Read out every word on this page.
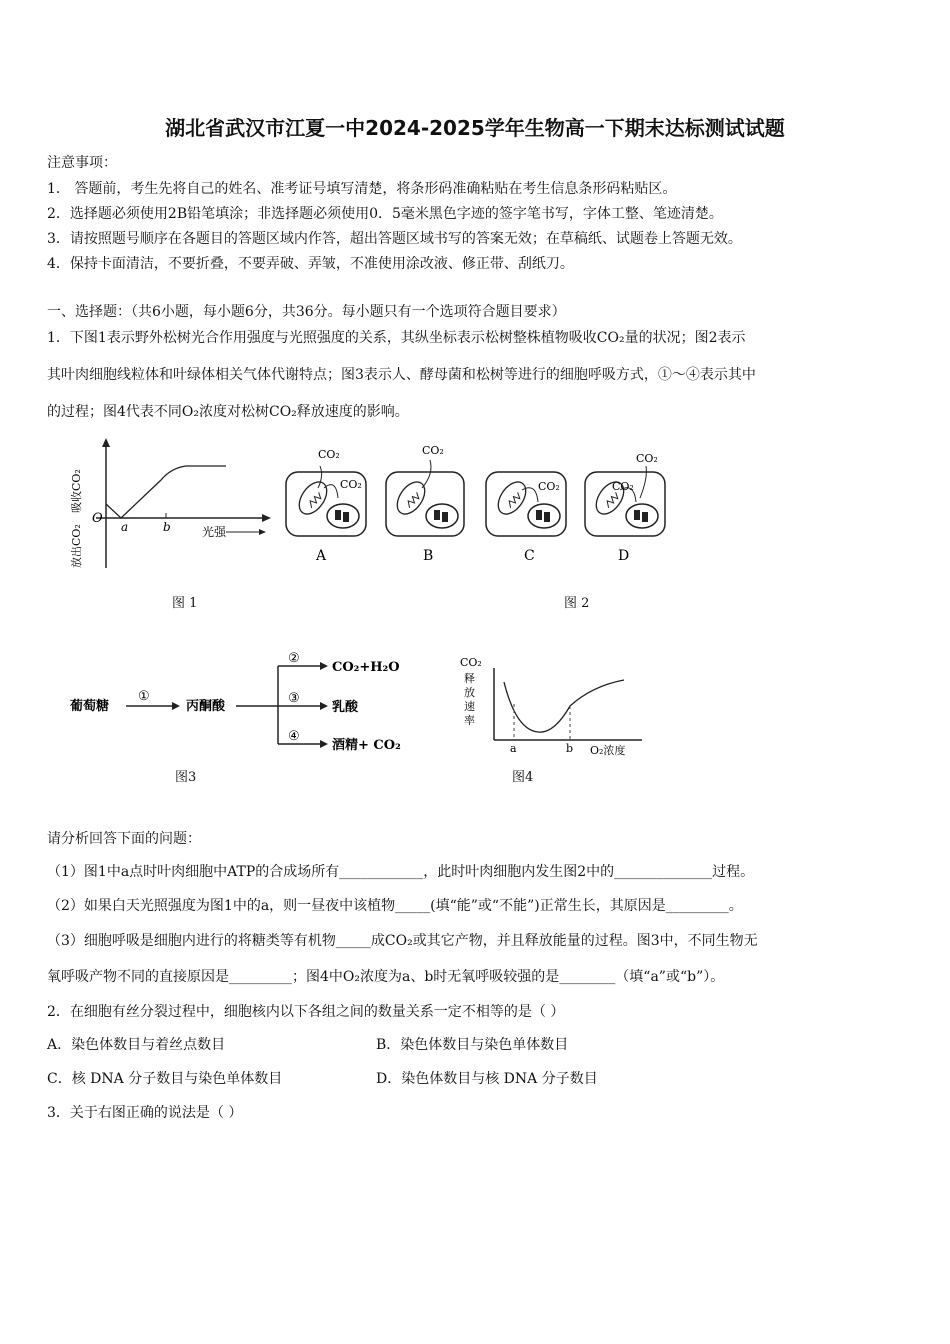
湖北省武汉市江夏一中2024-2025学年生物高一下期末达标测试试题
注意事项：
1． 答题前，考生先将自己的姓名、准考证号填写清楚，将条形码准确粘贴在考生信息条形码粘贴区。
2．选择题必须使用2B铅笔填涂；非选择题必须使用0．5毫米黑色字迹的签字笔书写，字体工整、笔迹清楚。
3．请按照题号顺序在各题目的答题区域内作答，超出答题区域书写的答案无效；在草稿纸、试题卷上答题无效。
4．保持卡面清洁，不要折叠，不要弄破、弄皱，不准使用涂改液、修正带、刮纸刀。
一、选择题：（共6小题，每小题6分，共36分。每小题只有一个选项符合题目要求）
1．下图1表示野外松树光合作用强度与光照强度的关系，其纵坐标表示松树整株植物吸收CO₂量的状况；图2表示
其叶肉细胞线粒体和叶绿体相关气体代谢特点；图3表示人、酵母菌和松树等进行的细胞呼吸方式，①～④表示其中
的过程；图4代表不同O₂浓度对松树CO₂释放速度的影响。
O
a	b	光强
吸收CO₂
放出CO₂
图 1
CO₂
CO₂
A
CO₂
B
CO₂
C
CO₂
CO₂
D
图 2
葡萄糖
①
丙酮酸
②
③
④
CO₂+H₂O
乳酸
酒精+ CO₂
图3
CO₂
释
放
速
率
a	b O₂浓度
图4
请分析回答下面的问题：
（1）图1中a点时叶肉细胞中ATP的合成场所有____________，此时叶肉细胞内发生图2中的______________过程。
（2）如果白天光照强度为图1中的a，则一昼夜中该植物_____(填“能”或“不能”)正常生长，其原因是_________。
（3）细胞呼吸是细胞内进行的将糖类等有机物_____成CO₂或其它产物，并且释放能量的过程。图3中，不同生物无
氧呼吸产物不同的直接原因是_________；图4中O₂浓度为a、b时无氧呼吸较强的是________（填“a”或“b”）。
2．在细胞有丝分裂过程中，细胞核内以下各组之间的数量关系一定不相等的是（ ）
A．染色体数目与着丝点数目	B．染色体数目与染色单体数目
C．核 DNA 分子数目与染色单体数目	D．染色体数目与核 DNA 分子数目
3．关于右图正确的说法是（ ）
